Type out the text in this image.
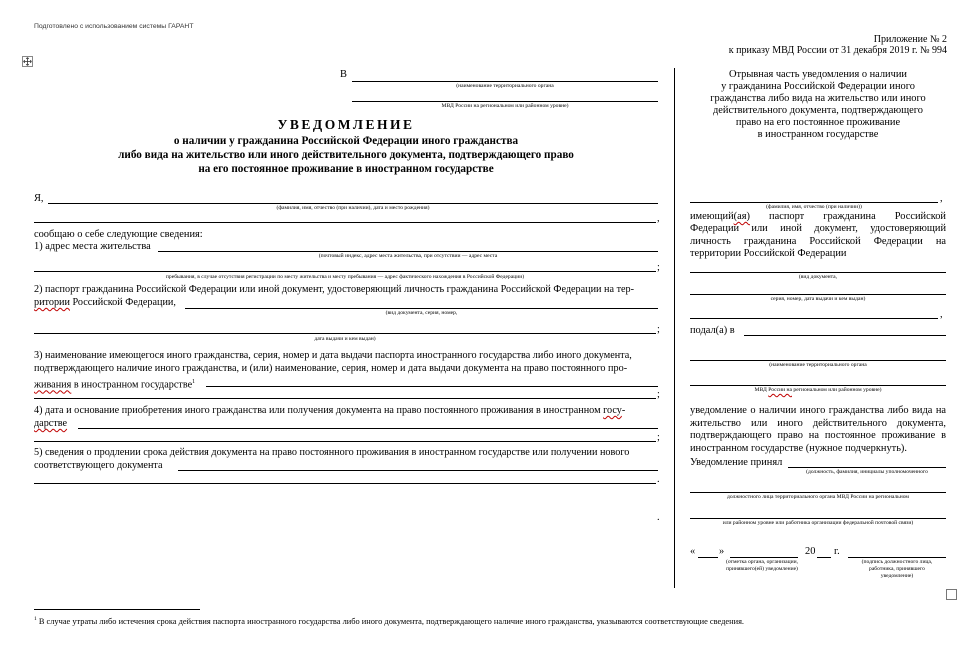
Подготовлено с использованием системы ГАРАНТ
Приложение № 2
к приказу МВД России от 31 декабря 2019 г. № 994
В
(наименование территориального органа
МВД России на региональном или районном уровне)
УВЕДОМЛЕНИЕ
о наличии у гражданина Российской Федерации иного гражданства
либо вида на жительство или иного действительного документа, подтверждающего право
на его постоянное проживание в иностранном государстве
Я,
(фамилия, имя, отчество (при наличии), дата и место рождения)
,
сообщаю о себе следующие сведения:
1) адрес места жительства
(почтовый индекс, адрес места жительства, при отсутствии — адрес места
;
пребывания, в случае отсутствия регистрации по месту жительства и месту пребывания — адрес фактического нахождения в Российской Федерации)
2) паспорт гражданина Российской Федерации или иной документ, удостоверяющий личность гражданина Российской Федерации на тер-
ритории Российской Федерации,
(вид документа, серия, номер,
;
дата выдачи и кем выдан)
3) наименование имеющегося иного гражданства, серия, номер и дата выдачи паспорта иностранного государства либо иного документа,
подтверждающего наличие иного гражданства, и (или) наименование, серия, номер и дата выдачи документа на право постоянного про-
живания в иностранном государстве$^1$
;
4) дата и основание приобретения иного гражданства или получения документа на право постоянного проживания в иностранном госу-
дарстве
;
5) сведения о продлении срока действия документа на право постоянного проживания в иностранном государстве или получении нового
соответствующего документа
.
.
Отрывная часть уведомления о наличии
у гражданина Российской Федерации иного
гражданства либо вида на жительство или иного
действительного документа, подтверждающего
право на его постоянное проживание
в иностранном государстве
,
(фамилия, имя, отчество (при наличии))
имеющий(ая) паспорт гражданина Российской Федерации или иной документ, удостоверяющий личность гражданина Российской Федерации на территории Российской Федерации
(вид документа,
серия, номер, дата выдачи и кем выдан)
,
подал(а) в
(наименование территориального органа
МВД России на региональном или районном уровне)
уведомление о наличии иного гражданства либо вида на жительство или иного действительного документа, подтверждающего право на постоянное проживание в иностранном государстве (нужное подчеркнуть).
Уведомление принял
(должность, фамилия, инициалы уполномоченного
должностного лица территориального органа МВД России на региональном
или районном уровне или работника организации федеральной почтовой связи)
« »	20 г.
(отметка органа, организации,
принявшего(ей) уведомление)
(подпись должностного лица,
работника, принявшего
уведомление)
$^1$ В случае утраты либо истечения срока действия паспорта иностранного государства либо иного документа, подтверждающего наличие иного гражданства, указываются соответствующие сведения.
